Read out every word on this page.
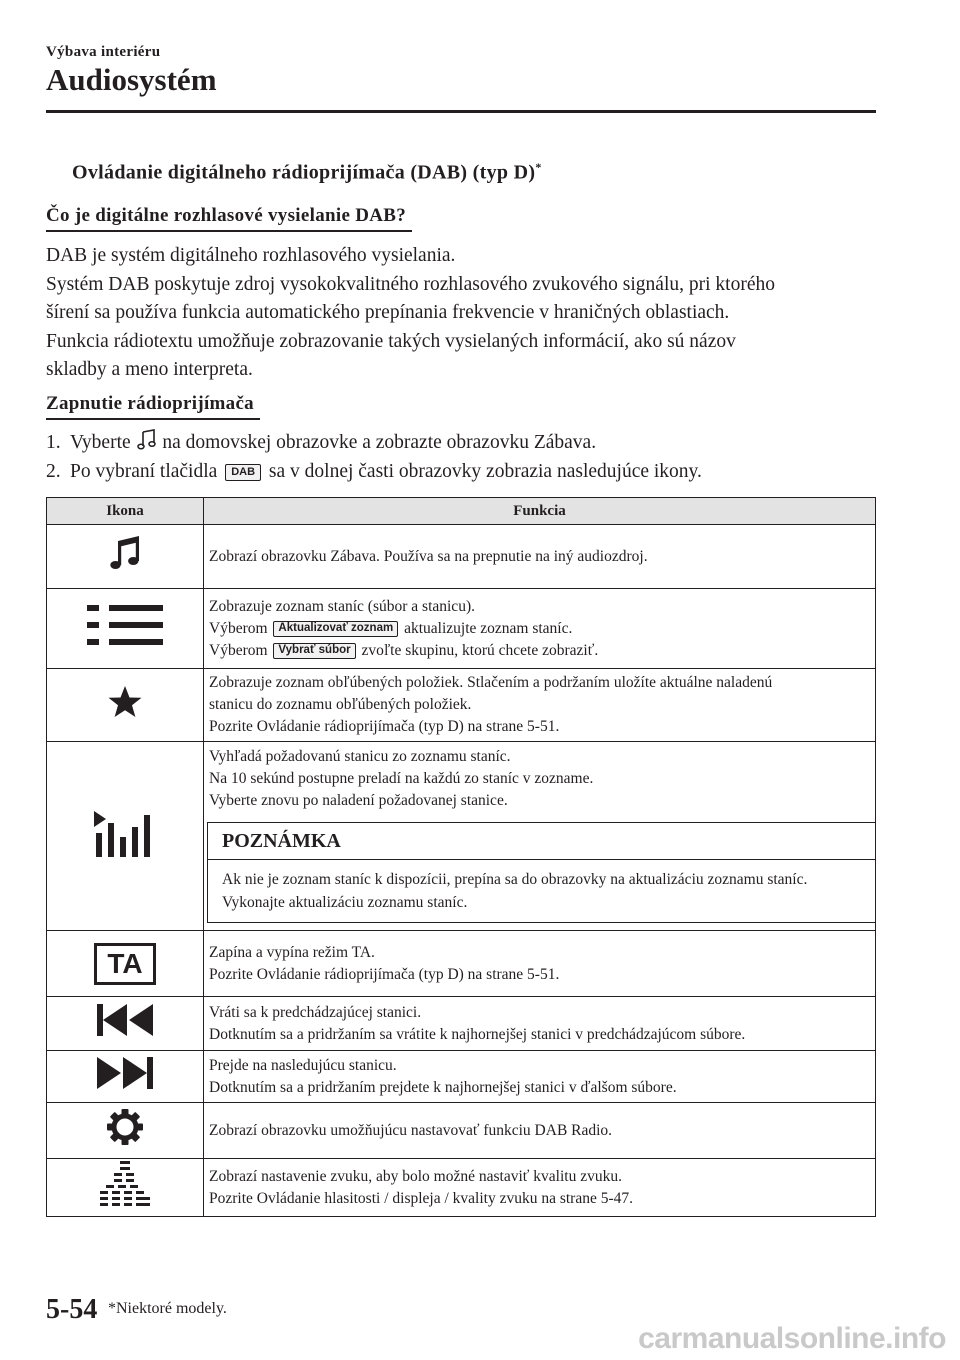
Výbava interiéru
Audiosystém
Ovládanie digitálneho rádioprijímača (DAB) (typ D)*
Čo je digitálne rozhlasové vysielanie DAB?

DAB je systém digitálneho rozhlasového vysielania.

Systém DAB poskytuje zdroj vysokokvalitného rozhlasového zvukového signálu, pri ktorého

šírení sa používa funkcia automatického prepínania frekvencie v hraničných oblastiach.

Funkcia rádiotextu umožňuje zobrazovanie takých vysielaných informácií, ako sú názov

skladby a meno interpreta.

Zapnutie rádioprijímača
1. Vyberte na domovskej obrazovke a zobrazte obrazovku Zábava.
2. Po vybraní tlačidla DAB sa v dolnej časti obrazovky zobrazia nasledujúce ikony.
Ikona	Funkcia

Zobrazí obrazovku Zábava. Používa sa na prepnutie na iný audiozdroj.

Zobrazuje zoznam staníc (súbor a stanicu).
Výberom Aktualizovať zoznam aktualizujte zoznam staníc.
Výberom Vybrať súbor zvoľte skupinu, ktorú chcete zobraziť.

Zobrazuje zoznam obľúbených položiek. Stlačením a podržaním uložíte aktuálne naladenú
stanicu do zoznamu obľúbených položiek.
Pozrite Ovládanie rádioprijímača (typ D) na strane 5-51.

Vyhľadá požadovanú stanicu zo zoznamu staníc.
Na 10 sekúnd postupne preladí na každú zo staníc v zozname.
Vyberte znovu po naladení požadovanej stanice.
POZNÁMKA
Ak nie je zoznam staníc k dispozícii, prepína sa do obrazovky na aktualizáciu zoznamu staníc. Vykonajte aktualizáciu zoznamu staníc.

TA	Zapína a vypína režim TA.
Pozrite Ovládanie rádioprijímača (typ D) na strane 5-51.

Vráti sa k predchádzajúcej stanici.
Dotknutím sa a pridržaním sa vrátite k najhornejšej stanici v predchádzajúcom súbore.

Prejde na nasledujúcu stanicu.
Dotknutím sa a pridržaním prejdete k najhornejšej stanici v ďalšom súbore.

Zobrazí obrazovku umožňujúcu nastavovať funkciu DAB Radio.

Zobrazí nastavenie zvuku, aby bolo možné nastaviť kvalitu zvuku.
Pozrite Ovládanie hlasitosti / displeja / kvality zvuku na strane 5-47.
5-54 *Niektoré modely.
carmanualsonline.info
